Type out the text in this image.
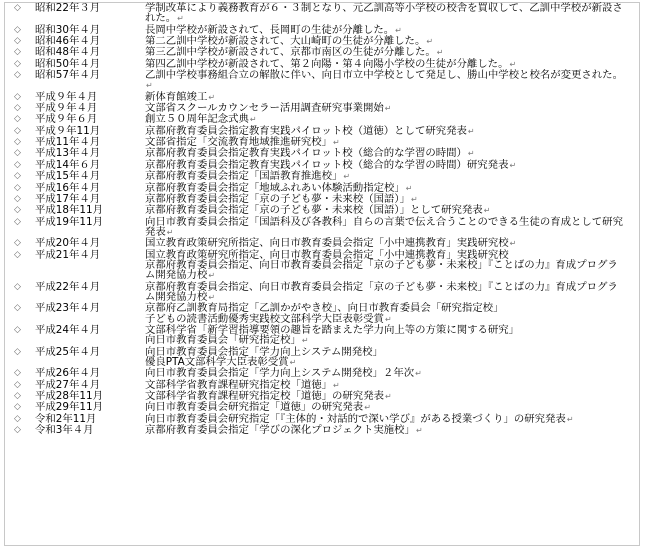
◇	昭和22年３月	学制改革により義務教育が６・３制となり、元乙訓高等小学校の校舎を買収して、乙訓中学校が新設された。↵
◇	昭和30年４月	長岡中学校が新設されて、長岡町の生徒が分離した。↵
◇	昭和46年４月	第二乙訓中学校が新設されて、大山崎町の生徒が分離した。↵
◇	昭和48年４月	第三乙訓中学校が新設されて、京都市南区の生徒が分離した。↵
◇	昭和50年４月	第四乙訓中学校が新設されて、第２向陽・第４向陽小学校の生徒が分離した。↵
◇	昭和57年４月	乙訓中学校事務組合立の解散に伴い、向日市立中学校として発足し、勝山中学校と校名が変更された。↵
◇	平成９年４月	新体育館竣工↵
◇	平成９年４月	文部省スクールカウンセラー活用調査研究事業開始↵
◇	平成９年６月	創立５０周年記念式典↵
◇	平成９年11月	京都府教育委員会指定教育実践パイロット校（道徳）として研究発表↵
◇	平成11年４月	文部省指定「交流教育地域推進研究校」↵
◇	平成13年４月	京都府教育委員会指定教育実践パイロット校（総合的な学習の時間）↵
◇	平成14年６月	京都府教育委員会指定教育実践パイロット校（総合的な学習の時間）研究発表↵
◇	平成15年４月	京都府教育委員会指定「国語教育推進校」↵
◇	平成16年４月	京都府教育委員会指定「地域ふれあい体験活動指定校」↵
◇	平成17年４月	京都府教育委員会指定「京の子ども夢・未来校（国語）」↵
◇	平成18年11月	京都府教育委員会指定「京の子ども夢・未来校（国語）」として研究発表↵
◇	平成19年11月	向日市教育委員会指定「国語科及び各教科」自らの言葉で伝え合うことのできる生徒の育成として研究発表↵
◇	平成20年４月	国立教育政策研究所指定、向日市教育委員会指定「小中連携教育」実践研究校↵
◇	平成21年４月	国立教育政策研究所指定、向日市教育委員会指定「小中連携教育」実践研究校
京都府教育委員会指定、向日市教育委員会指定「京の子ども夢・未来校」『ことばの力』育成プログラム開発協力校↵
◇	平成22年４月	京都府教育委員会指定、向日市教育委員会指定「京の子ども夢・未来校」『ことばの力』育成プログラム開発協力校↵
◇	平成23年４月	京都府乙訓教育局指定「乙訓かがやき校」、向日市教育委員会「研究指定校」
子どもの読書活動優秀実践校文部科学大臣表彰受賞↵
◇	平成24年４月	文部科学省「新学習指導要領の趣旨を踏まえた学力向上等の方策に関する研究」
向日市教育委員会「研究指定校」↵
◇	平成25年４月	向日市教育委員会指定「学力向上システム開発校」
優良PTA文部科学大臣表彰受賞↵
◇	平成26年４月	向日市教育委員会指定「学力向上システム開発校」２年次↵
◇	平成27年４月	文部科学省教育課程研究指定校「道徳」↵
◇	平成28年11月	文部科学省教育課程研究指定校「道徳」の研究発表↵
◇	平成29年11月	向日市教育委員会研究指定「道徳」の研究発表↵
◇	令和2年11月	向日市教育委員会研究指定「『主体的・対話的で深い学び』がある授業づくり」の研究発表↵
◇	令和3年４月	京都府教育委員会指定「学びの深化プロジェクト実施校」↵
